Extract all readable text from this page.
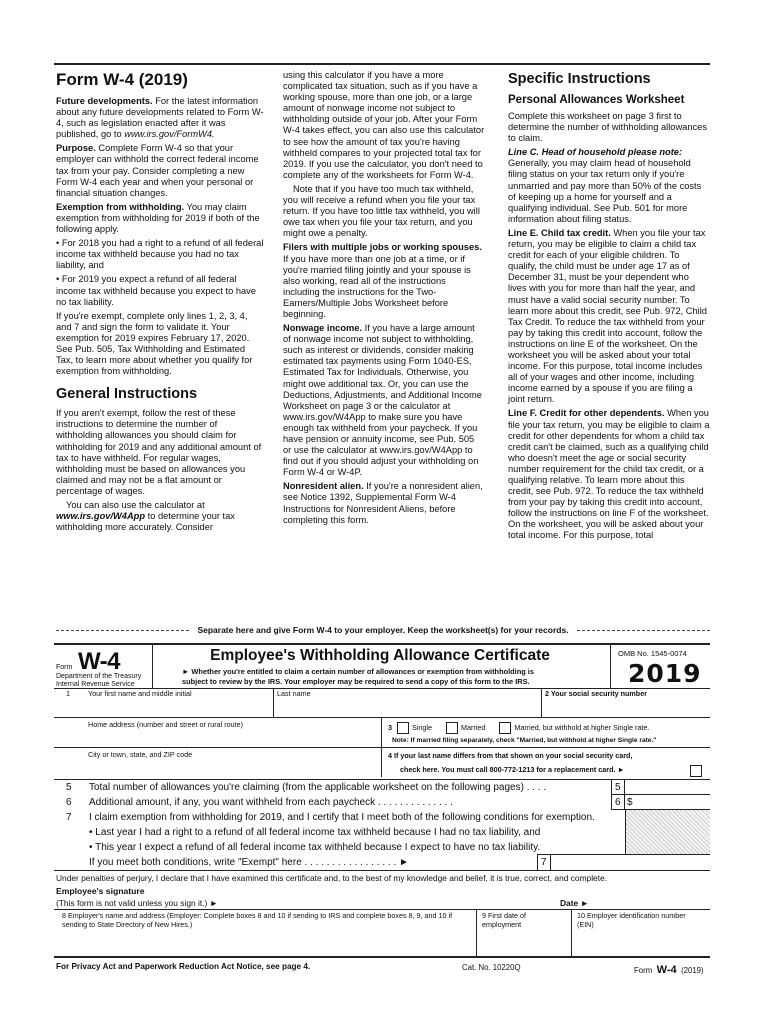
Form W-4 (2019)

Future developments. For the latest information about any future developments related to Form W-4, such as legislation enacted after it was published, go to www.irs.gov/FormW4.

Purpose. Complete Form W-4 so that your employer can withhold the correct federal income tax from your pay. Consider completing a new Form W-4 each year and when your personal or financial situation changes.

Exemption from withholding. You may claim exemption from withholding for 2019 if both of the following apply.

• For 2018 you had a right to a refund of all federal income tax withheld because you had no tax liability, and

• For 2019 you expect a refund of all federal income tax withheld because you expect to have no tax liability.

If you're exempt, complete only lines 1, 2, 3, 4, and 7 and sign the form to validate it. Your exemption for 2019 expires February 17, 2020. See Pub. 505, Tax Withholding and Estimated Tax, to learn more about whether you qualify for exemption from withholding.

General Instructions

If you aren't exempt, follow the rest of these instructions to determine the number of withholding allowances you should claim for withholding for 2019 and any additional amount of tax to have withheld. For regular wages, withholding must be based on allowances you claimed and may not be a flat amount or percentage of wages.

You can also use the calculator at www.irs.gov/W4App to determine your tax withholding more accurately. Consider

using this calculator if you have a more complicated tax situation, such as if you have a working spouse, more than one job, or a large amount of nonwage income not subject to withholding outside of your job. After your Form W-4 takes effect, you can also use this calculator to see how the amount of tax you're having withheld compares to your projected total tax for 2019. If you use the calculator, you don't need to complete any of the worksheets for Form W-4.

Note that if you have too much tax withheld, you will receive a refund when you file your tax return. If you have too little tax withheld, you will owe tax when you file your tax return, and you might owe a penalty.

Filers with multiple jobs or working spouses. If you have more than one job at a time, or if you're married filing jointly and your spouse is also working, read all of the instructions including the instructions for the Two-Earners/Multiple Jobs Worksheet before beginning.

Nonwage income. If you have a large amount of nonwage income not subject to withholding, such as interest or dividends, consider making estimated tax payments using Form 1040-ES, Estimated Tax for Individuals. Otherwise, you might owe additional tax. Or, you can use the Deductions, Adjustments, and Additional Income Worksheet on page 3 or the calculator at www.irs.gov/W4App to make sure you have enough tax withheld from your paycheck. If you have pension or annuity income, see Pub. 505 or use the calculator at www.irs.gov/W4App to find out if you should adjust your withholding on Form W-4 or W-4P.

Nonresident alien. If you're a nonresident alien, see Notice 1392, Supplemental Form W-4 Instructions for Nonresident Aliens, before completing this form.

Specific Instructions
Personal Allowances Worksheet

Complete this worksheet on page 3 first to determine the number of withholding allowances to claim.

Line C. Head of household please note: Generally, you may claim head of household filing status on your tax return only if you're unmarried and pay more than 50% of the costs of keeping up a home for yourself and a qualifying individual. See Pub. 501 for more information about filing status.

Line E. Child tax credit. When you file your tax return, you may be eligible to claim a child tax credit for each of your eligible children. To qualify, the child must be under age 17 as of December 31, must be your dependent who lives with you for more than half the year, and must have a valid social security number. To learn more about this credit, see Pub. 972, Child Tax Credit. To reduce the tax withheld from your pay by taking this credit into account, follow the instructions on line E of the worksheet. On the worksheet you will be asked about your total income. For this purpose, total income includes all of your wages and other income, including income earned by a spouse if you are filing a joint return.

Line F. Credit for other dependents. When you file your tax return, you may be eligible to claim a credit for other dependents for whom a child tax credit can't be claimed, such as a qualifying child who doesn't meet the age or social security number requirement for the child tax credit, or a qualifying relative. To learn more about this credit, see Pub. 972. To reduce the tax withheld from your pay by taking this credit into account, follow the instructions on line F of the worksheet. On the worksheet, you will be asked about your total income. For this purpose, total

Separate here and give Form W-4 to your employer. Keep the worksheet(s) for your records.
Form W-4
Department of the Treasury
Internal Revenue Service
Employee's Withholding Allowance Certificate
► Whether you're entitled to claim a certain number of allowances or exemption from withholding is
subject to review by the IRS. Your employer may be required to send a copy of this form to the IRS.
OMB No. 1545-0074
2019
1	Your first name and middle initial	Last name	2 Your social security number
Home address (number and street or rural route)	3	Single	Married	Married, but withhold at higher Single rate.
Note: If married filing separately, check "Married, but withhold at higher Single rate."
City or town, state, and ZIP code	4 If your last name differs from that shown on your social security card,
check here. You must call 800-772-1213 for a replacement card. ►
5 Total number of allowances you're claiming (from the applicable worksheet on the following pages) . . . .
6 Additional amount, if any, you want withheld from each paycheck . . . . . . . . . . . . . .
7 I claim exemption from withholding for 2019, and I certify that I meet both of the following conditions for exemption.
• Last year I had a right to a refund of all federal income tax withheld because I had no tax liability, and
• This year I expect a refund of all federal income tax withheld because I expect to have no tax liability.
If you meet both conditions, write "Exempt" here . . . . . . . . . . . . . . . . . ►
5
6 $
7
Under penalties of perjury, I declare that I have examined this certificate and, to the best of my knowledge and belief, it is true, correct, and complete.
Employee's signature
(This form is not valid unless you sign it.) ►	Date ►
8 Employer's name and address (Employer: Complete boxes 8 and 10 if sending to IRS and complete boxes 8, 9, and 10 if sending to State Directory of New Hires.)
9 First date of employment
10 Employer identification number (EIN)
For Privacy Act and Paperwork Reduction Act Notice, see page 4.	Cat. No. 10220Q	Form W-4 (2019)
